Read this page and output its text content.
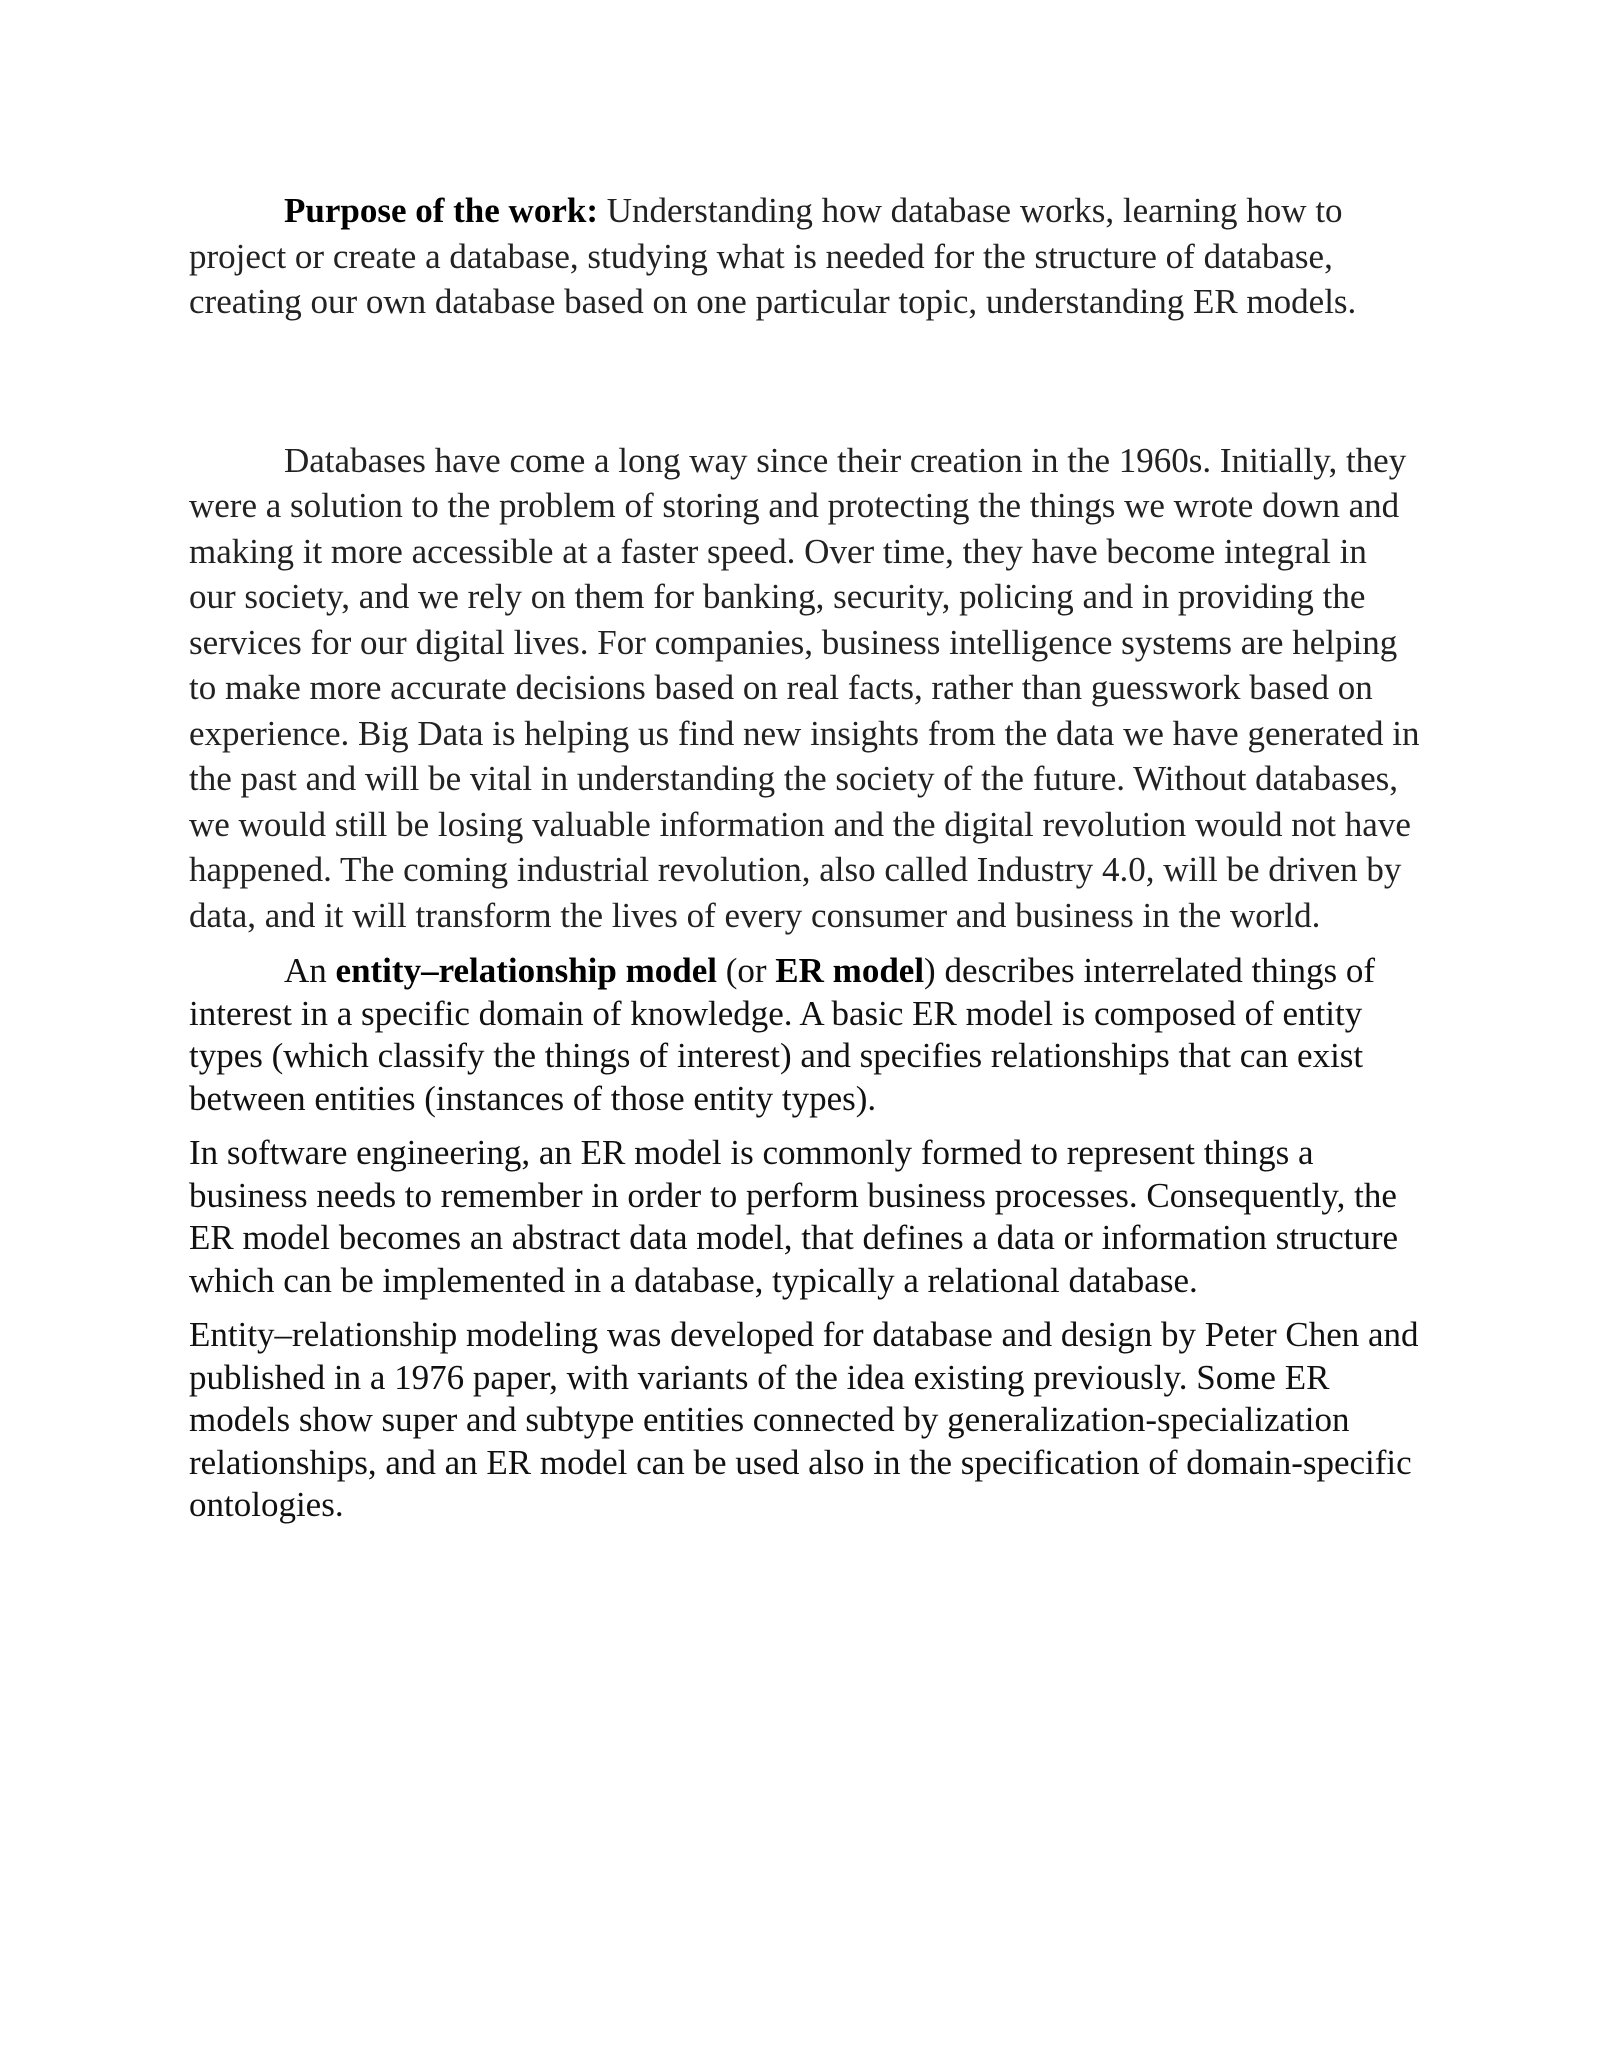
Purpose of the work: Understanding how database works, learning how to project or create a database, studying what is needed for the structure of database, creating our own database based on one particular topic, understanding ER models.

Databases have come a long way since their creation in the 1960s. Initially, they were a solution to the problem of storing and protecting the things we wrote down and making it more accessible at a faster speed. Over time, they have become integral in our society, and we rely on them for banking, security, policing and in providing the services for our digital lives. For companies, business intelligence systems are helping to make more accurate decisions based on real facts, rather than guesswork based on experience. Big Data is helping us find new insights from the data we have generated in the past and will be vital in understanding the society of the future. Without databases, we would still be losing valuable information and the digital revolution would not have happened. The coming industrial revolution, also called Industry 4.0, will be driven by data, and it will transform the lives of every consumer and business in the world.

An entity–relationship model (or ER model) describes interrelated things of interest in a specific domain of knowledge. A basic ER model is composed of entity types (which classify the things of interest) and specifies relationships that can exist between entities (instances of those entity types).

In software engineering, an ER model is commonly formed to represent things a business needs to remember in order to perform business processes. Consequently, the ER model becomes an abstract data model, that defines a data or information structure which can be implemented in a database, typically a relational database.

Entity–relationship modeling was developed for database and design by Peter Chen and published in a 1976 paper, with variants of the idea existing previously. Some ER models show super and subtype entities connected by generalization-specialization relationships, and an ER model can be used also in the specification of domain-specific ontologies.
